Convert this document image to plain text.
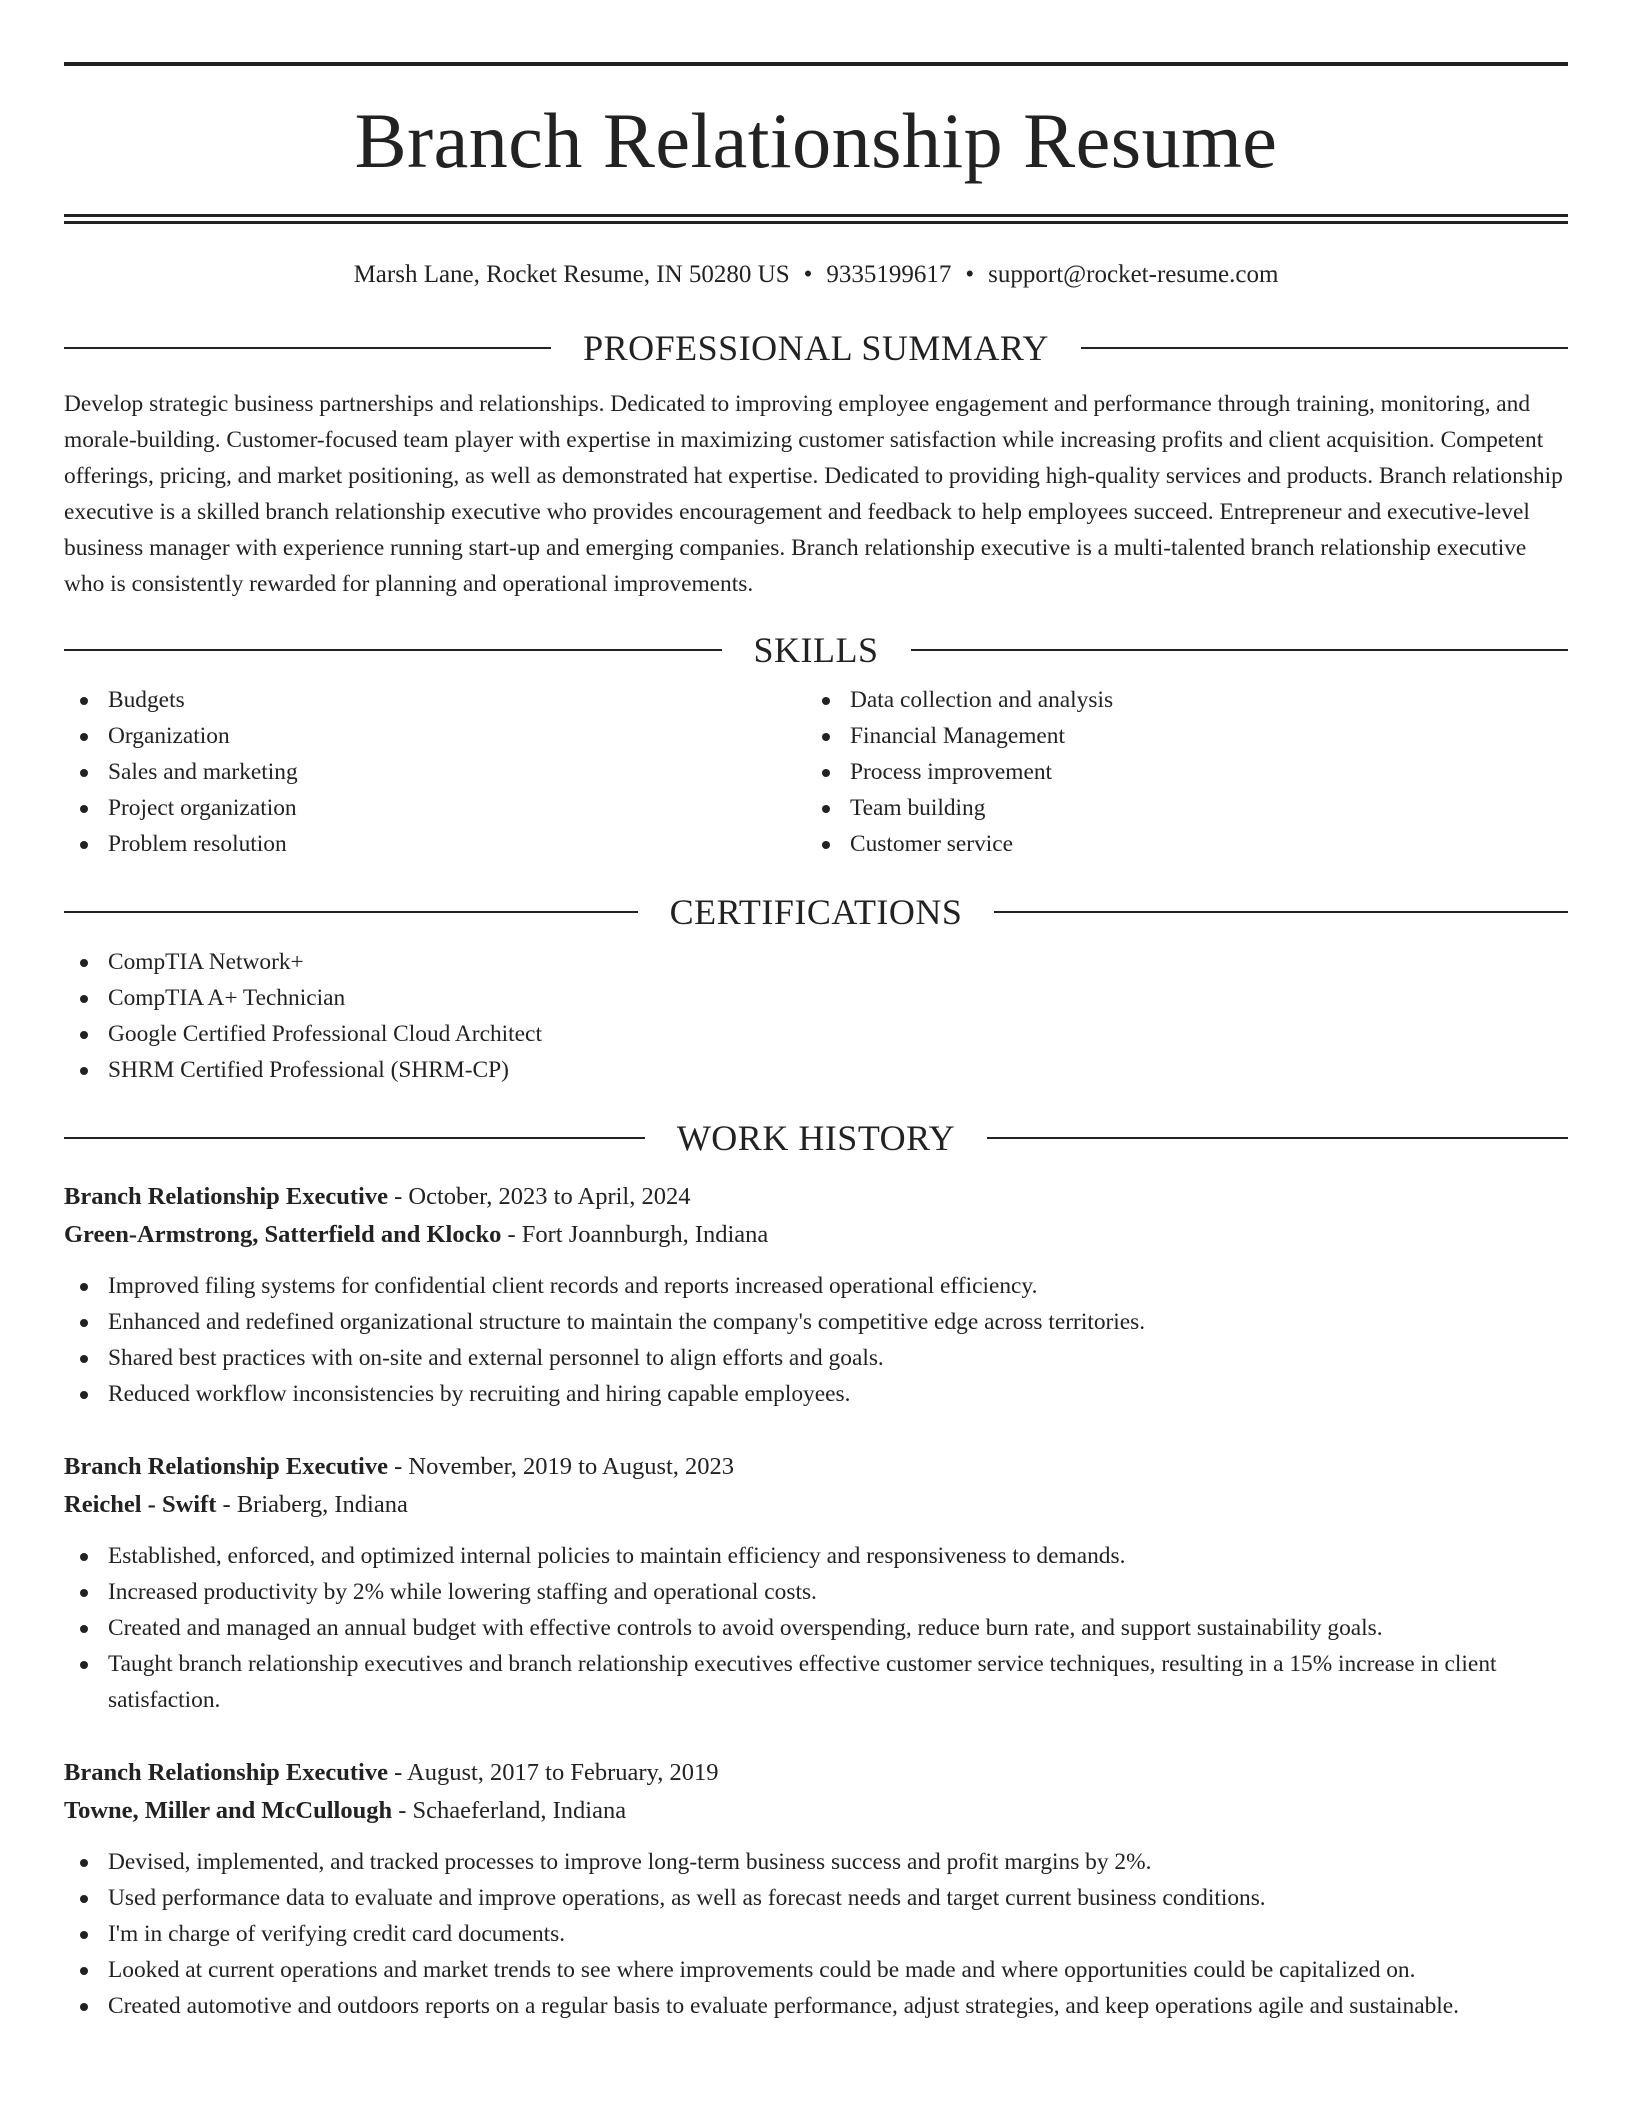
Branch Relationship Resume
Marsh Lane, Rocket Resume, IN 50280 US • 9335199617 • support@rocket-resume.com
PROFESSIONAL SUMMARY

Develop strategic business partnerships and relationships. Dedicated to improving employee engagement and performance through training, monitoring, and morale-building. Customer-focused team player with expertise in maximizing customer satisfaction while increasing profits and client acquisition. Competent offerings, pricing, and market positioning, as well as demonstrated hat expertise. Dedicated to providing high-quality services and products. Branch relationship executive is a skilled branch relationship executive who provides encouragement and feedback to help employees succeed. Entrepreneur and executive-level business manager with experience running start-up and emerging companies. Branch relationship executive is a multi-talented branch relationship executive who is consistently rewarded for planning and operational improvements.

SKILLS
Budgets
Organization
Sales and marketing
Project organization
Problem resolution
Data collection and analysis
Financial Management
Process improvement
Team building
Customer service
CERTIFICATIONS
CompTIA Network+
CompTIA A+ Technician
Google Certified Professional Cloud Architect
SHRM Certified Professional (SHRM-CP)
WORK HISTORY
Branch Relationship Executive - October, 2023 to April, 2024
Green-Armstrong, Satterfield and Klocko - Fort Joannburgh, Indiana
Improved filing systems for confidential client records and reports increased operational efficiency.
Enhanced and redefined organizational structure to maintain the company's competitive edge across territories.
Shared best practices with on-site and external personnel to align efforts and goals.
Reduced workflow inconsistencies by recruiting and hiring capable employees.
Branch Relationship Executive - November, 2019 to August, 2023
Reichel - Swift - Briaberg, Indiana
Established, enforced, and optimized internal policies to maintain efficiency and responsiveness to demands.
Increased productivity by 2% while lowering staffing and operational costs.
Created and managed an annual budget with effective controls to avoid overspending, reduce burn rate, and support sustainability goals.
Taught branch relationship executives and branch relationship executives effective customer service techniques, resulting in a 15% increase in client satisfaction.
Branch Relationship Executive - August, 2017 to February, 2019
Towne, Miller and McCullough - Schaeferland, Indiana
Devised, implemented, and tracked processes to improve long-term business success and profit margins by 2%.
Used performance data to evaluate and improve operations, as well as forecast needs and target current business conditions.
I'm in charge of verifying credit card documents.
Looked at current operations and market trends to see where improvements could be made and where opportunities could be capitalized on.
Created automotive and outdoors reports on a regular basis to evaluate performance, adjust strategies, and keep operations agile and sustainable.
